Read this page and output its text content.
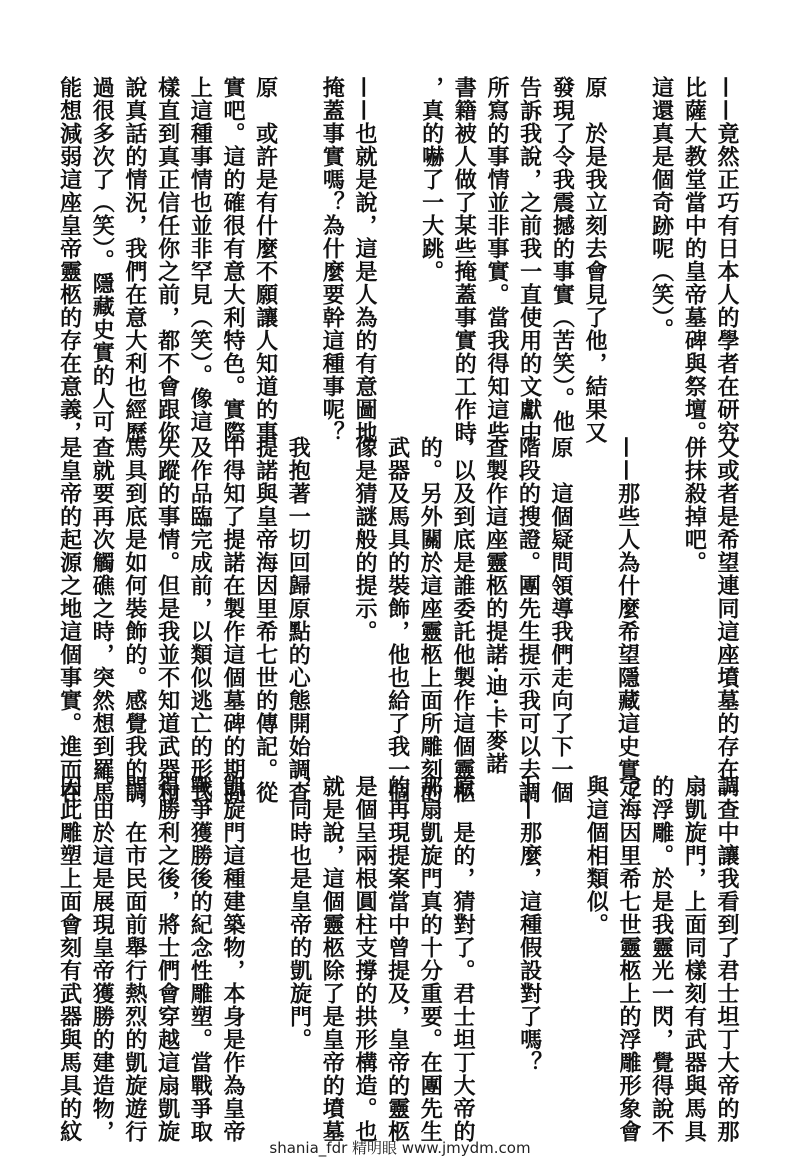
——竟然正巧有日本人的學者在研究

比薩大教堂當中的皇帝墓碑與祭壇。

這還真是個奇跡呢（笑）。

原　於是我立刻去會見了他，結果又

發現了令我震撼的事實（苦笑）。他

告訴我說，之前我一直使用的文獻中

所寫的事情並非事實。當我得知這些

書籍被人做了某些掩蓋事實的工作時

，真的嚇了一大跳。

——也就是說，這是人為的有意圖地

掩蓋事實嗎？為什麼要幹這種事呢？

原　或許是有什麼不願讓人知道的事

實吧。這的確很有意大利特色。實際

上這種事情也並非罕見（笑）。像這

樣直到真正信任你之前，都不會跟你

說真話的情況，我們在意大利也經歷

過很多次了（笑）。隱藏史實的人可

能想減弱這座皇帝靈柩的存在意義，

又或者是希望連同這座墳墓的存在一

併抹殺掉吧。

——那些人為什麼希望隱藏這史實？

原　這個疑問領導我們走向了下一個

階段的搜證。團先生提示我可以去調

查製作這座靈柩的提諾·迪·卡麥諾

，以及到底是誰委託他製作這個靈柩

的。另外關於這座靈柩上面所雕刻的

武器及馬具的裝飾，他也給了我一個

像是猜謎般的提示。

我抱著一切回歸原點的心態開始調查

提諾與皇帝海因里希七世的傳記。從

中得知了提諾在製作這個墓碑的期間

及作品臨完成前，以類似逃亡的形式

失蹤的事情。但是我並不知道武器和

馬具到底是如何裝飾的。感覺我的調

查就要再次觸礁之時，突然想到羅馬

是皇帝的起源之地這個事實。進而在

調查中讓我看到了君士坦丁大帝的那

扇凱旋門，上面同樣刻有武器與馬具

的浮雕。於是我靈光一閃，覺得說不

定海因里希七世靈柩上的浮雕形象會

與這個相類似。

——那麼，這種假設對了嗎？

原　是的，猜對了。君士坦丁大帝的

那扇凱旋門真的十分重要。在團先生

的再現提案當中曾提及，皇帝的靈柩

是個呈兩根圓柱支撐的拱形構造。也

就是說，這個靈柩除了是皇帝的墳墓

，同時也是皇帝的凱旋門。

凱旋門這種建築物，本身是作為皇帝

戰爭獲勝後的紀念性雕塑。當戰爭取

得勝利之後，將士們會穿越這扇凱旋

門，在市民面前舉行熱烈的凱旋遊行

。由於這是展現皇帝獲勝的建造物，

因此雕塑上面會刻有武器與馬具的紋

shania_fdr 精明眼 www.jmydm.com
